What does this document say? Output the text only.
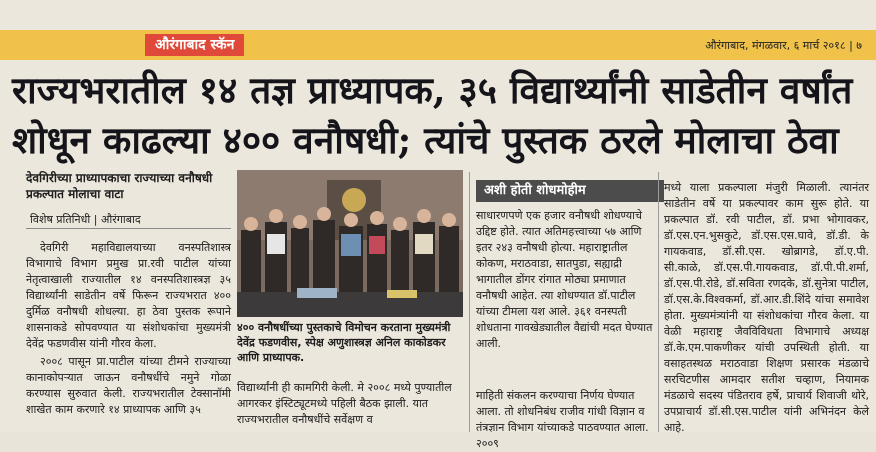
औरंगाबाद स्कॅन	औरंगाबाद, मंगळवार, ६ मार्च २०१८ | ७
राज्यभरातील १४ तज्ञ प्राध्यापक, ३५ विद्यार्थ्यांनी साडेतीन वर्षांत
शोधून काढल्या ४०० वनौषधी; त्यांचे पुस्तक ठरले मोलाचा ठेवा
देवगिरीच्या प्राध्यापकाचा राज्याच्या वनौषधी प्रकल्पात मोलाचा वाटा
विशेष प्रतिनिधी | औरंगाबाद

देवगिरी महाविद्यालयाच्या वनस्पतिशास्त्र विभागाचे विभाग प्रमुख प्रा.रवी पाटील यांच्या नेतृत्वाखाली राज्यातील १४ वनस्पतिशास्त्रज्ञ ३५ विद्यार्थ्यांनी साडेतीन वर्षे फिरून राज्यभरात ४०० दुर्मिळ वनौषधी शोधल्या. हा ठेवा पुस्तक रूपाने शासनाकडे सोपवण्यात या संशोधकांचा मुख्यमंत्री देवेंद्र फडणवीस यांनी गौरव केला.

२००८ पासून प्रा.पाटील यांच्या टीमने राज्याच्या कानाकोपऱ्यात जाऊन वनौषधींचे नमुने गोळा करण्यास सुरुवात केली. राज्यभरातील टेक्सानॉमी शाखेत काम करणारे १४ प्राध्यापक आणि ३५

४०० वनौषधींच्या पुस्तकाचे विमोचन करताना मुख्यमंत्री देवेंद्र फडणवीस, स्पेक्ष अणुशास्त्रज्ञ अनिल काकोडकर आणि प्राध्यापक.
विद्यार्थ्यांनी ही कामगिरी केली. मे २००८ मध्ये पुण्यातील आगरकर इंस्टिट्यूटमध्ये पहिली बैठक झाली. यात राज्यभरातील वनौषधींचे सर्वेक्षण व
अशी होती शोधमोहीम
साधारणपणे एक हजार वनौषधी शोधण्याचे उद्दिष्ट होते. त्यात अतिमहत्त्वाच्या ५७ आणि इतर २४३ वनौषधी होत्या. महाराष्ट्रातील कोकण, मराठवाडा, सातपुडा, सह्याद्री भागातील डोंगर रांगात मोठ्या प्रमाणात वनौषधी आहेत. त्या शोधण्यात डॉ.पाटील यांच्या टीमला यश आले. ३६१ वनस्पती शोधताना गावखेड्यातील वैद्यांची मदत घेण्यात आली.
माहिती संकलन करण्याचा निर्णय घेण्यात आला. तो शोधनिबंध राजीव गांधी विज्ञान व तंत्रज्ञान विभाग यांच्याकडे पाठवण्यात आला. २००९
मध्ये याला प्रकल्पाला मंजुरी मिळाली. त्यानंतर साडेतीन वर्षे या प्रकल्पावर काम सुरू होते. या प्रकल्पात डॉ. रवी पाटील, डॉ. प्रभा भोगावकर, डॉ.एस.एन.भुसकुटे, डॉ.एस.एस.घावे, डॉ.डी. के गायकवाड, डॉ.सी.एस. खोब्रागडे, डॉ.ए.पी. सी.काळे, डॉ.एस.पी.गायकवाड, डॉ.पी.पी.शर्मा, डॉ.एस.पी.रोडे, डॉ.सविता रणदके, डॉ.सुनेत्रा पाटील, डॉ.एस.के.विश्वकर्मा, डॉ.आर.डी.शिंदे यांचा समावेश होता. मुख्यमंत्र्यांनी या संशोधकांचा गौरव केला. या वेळी महाराष्ट्र जैवविविधता विभागाचे अध्यक्ष डॉ.के.एम.पाकणीकर यांची उपस्थिती होती. या वसाहतस्थळ मराठवाडा शिक्षण प्रसारक मंडळाचे सरचिटणीस आमदार सतीश चव्हाण, नियामक मंडळाचे सदस्य पंडितराव हर्षे, प्राचार्य शिवाजी थोरे, उपप्राचार्य डॉ.सी.एस.पाटील यांनी अभिनंदन केले आहे.
